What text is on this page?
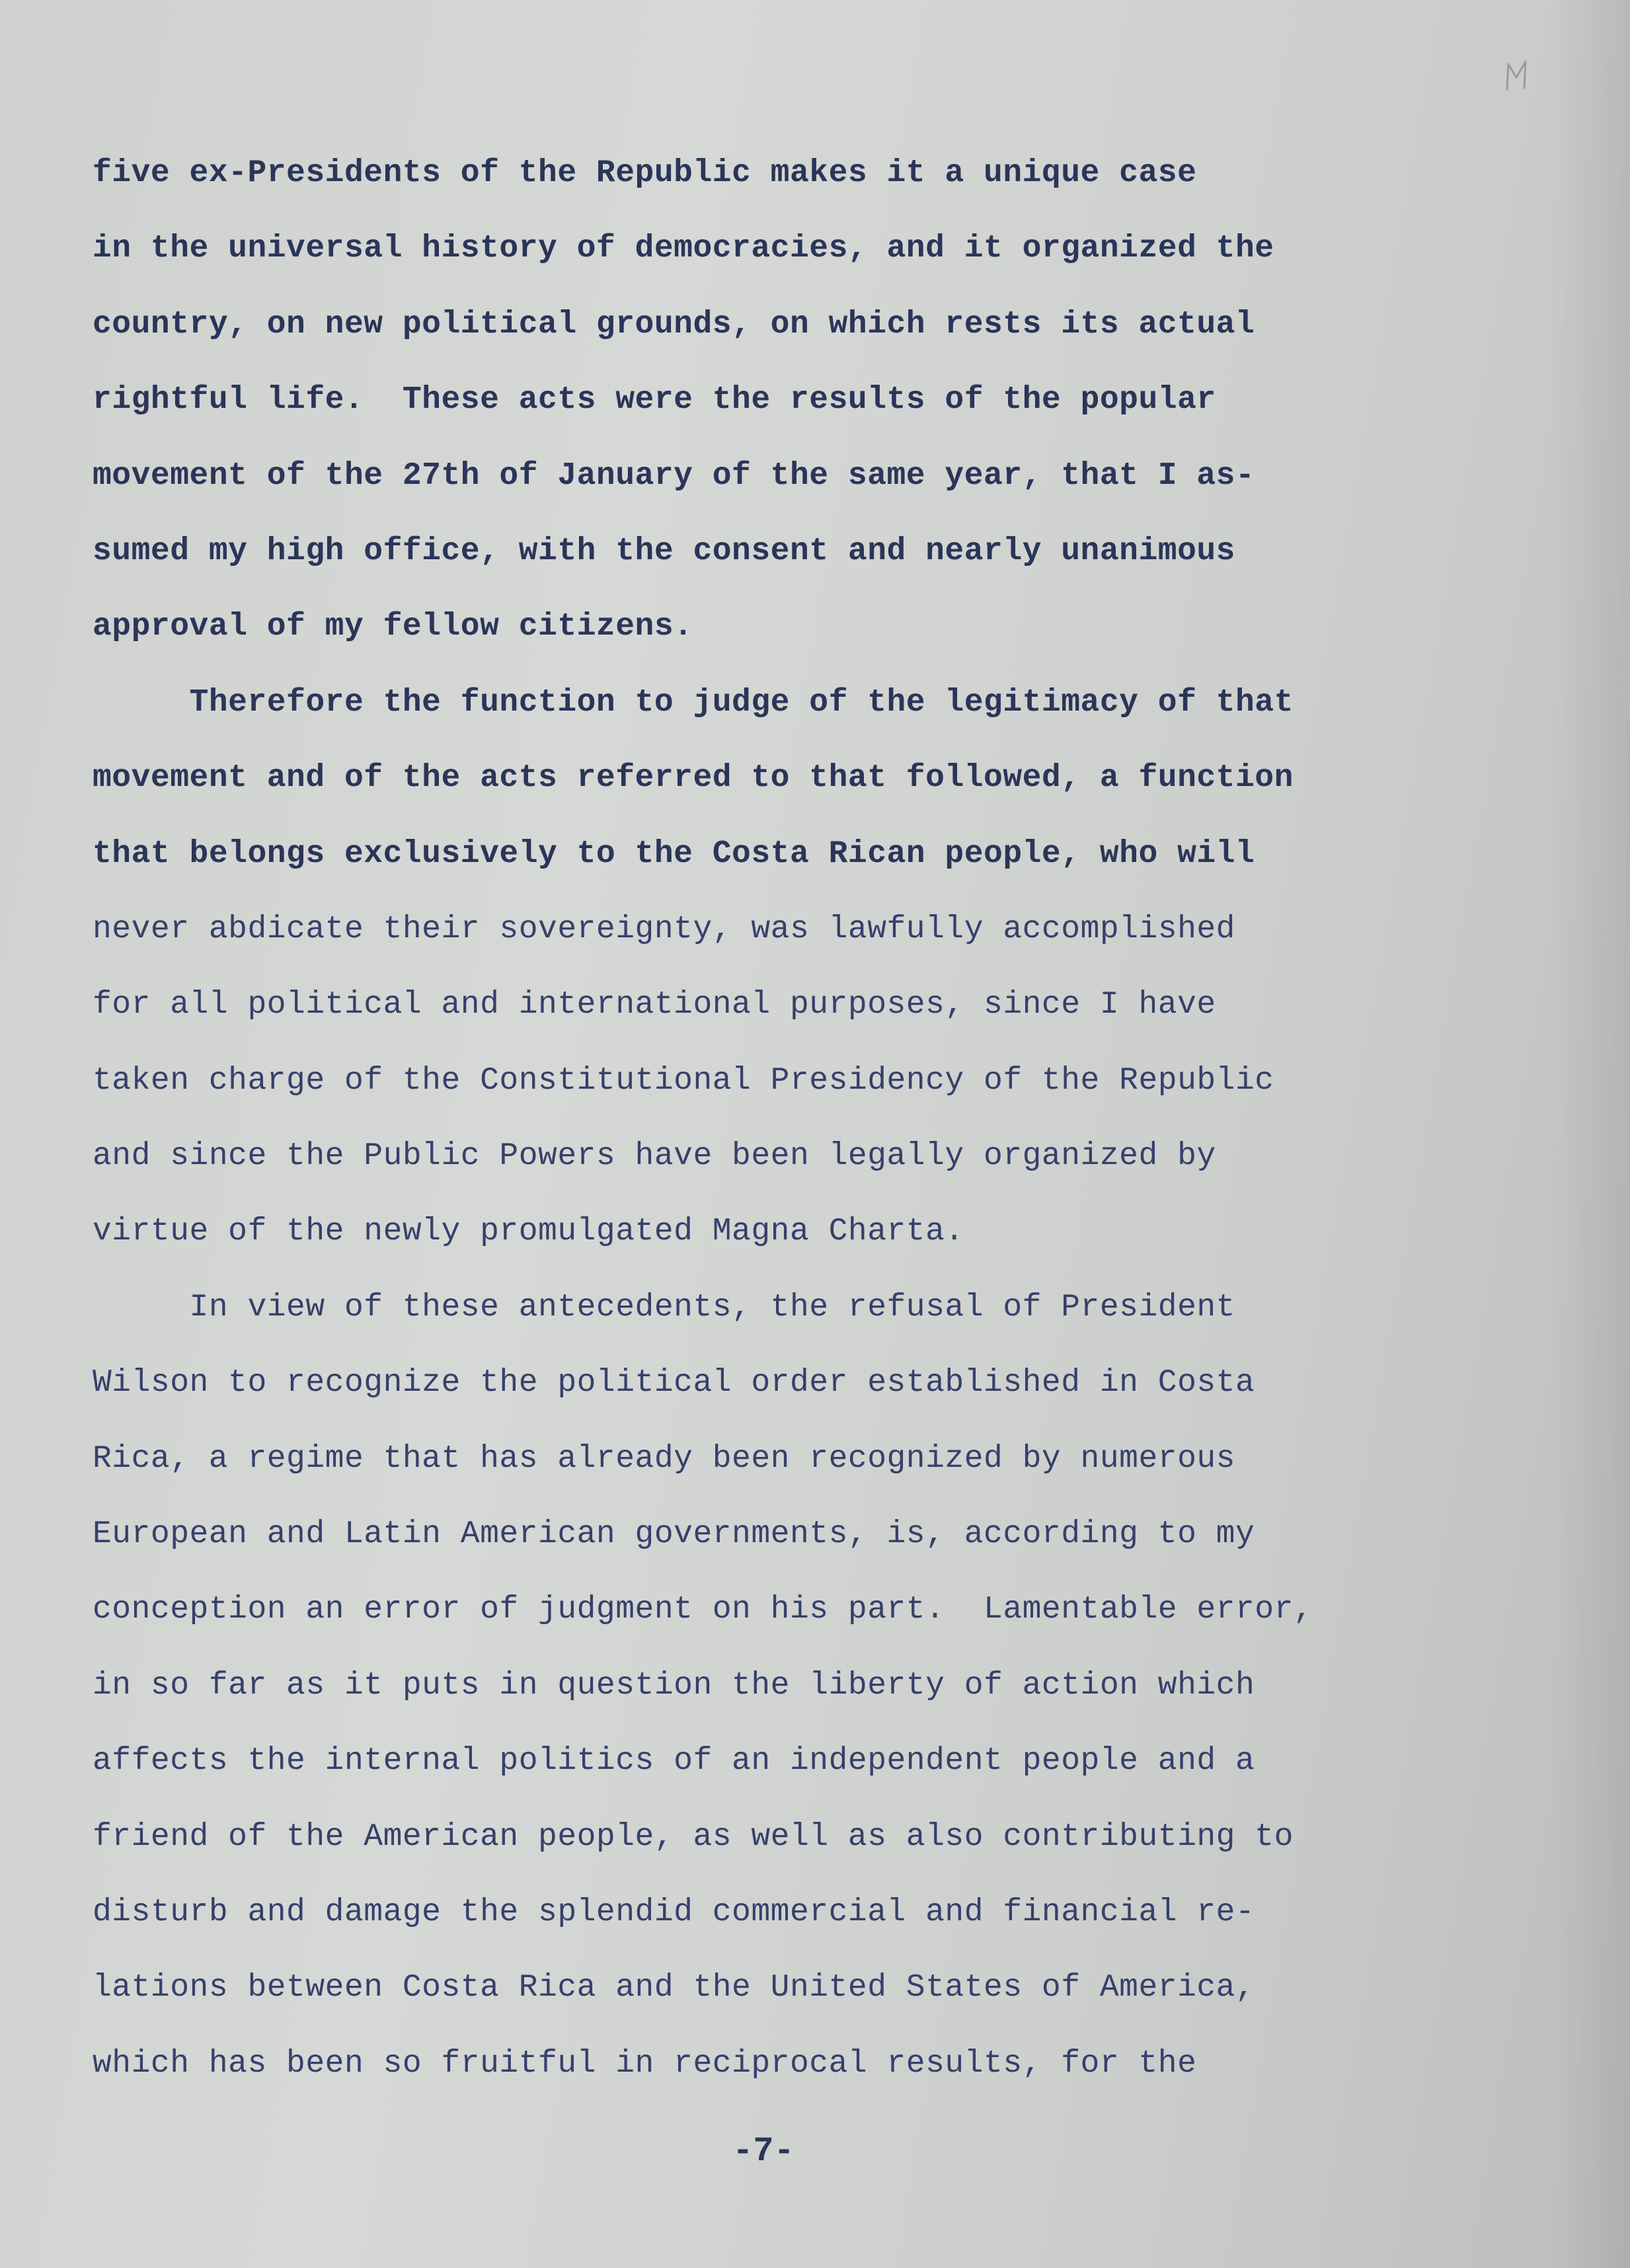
five ex-Presidents of the Republic makes it a unique case
in the universal history of democracies, and it organized the
country, on new political grounds, on which rests its actual
rightful life.  These acts were the results of the popular
movement of the 27th of January of the same year, that I as-
sumed my high office, with the consent and nearly unanimous
approval of my fellow citizens.
Therefore the function to judge of the legitimacy of that
movement and of the acts referred to that followed, a function
that belongs exclusively to the Costa Rican people, who will
never abdicate their sovereignty, was lawfully accomplished
for all political and international purposes, since I have
taken charge of the Constitutional Presidency of the Republic
and since the Public Powers have been legally organized by
virtue of the newly promulgated Magna Charta.
In view of these antecedents, the refusal of President
Wilson to recognize the political order established in Costa
Rica, a regime that has already been recognized by numerous
European and Latin American governments, is, according to my
conception an error of judgment on his part.  Lamentable error,
in so far as it puts in question the liberty of action which
affects the internal politics of an independent people and a
friend of the American people, as well as also contributing to
disturb and damage the splendid commercial and financial re-
lations between Costa Rica and the United States of America,
which has been so fruitful in reciprocal results, for the
-7-
